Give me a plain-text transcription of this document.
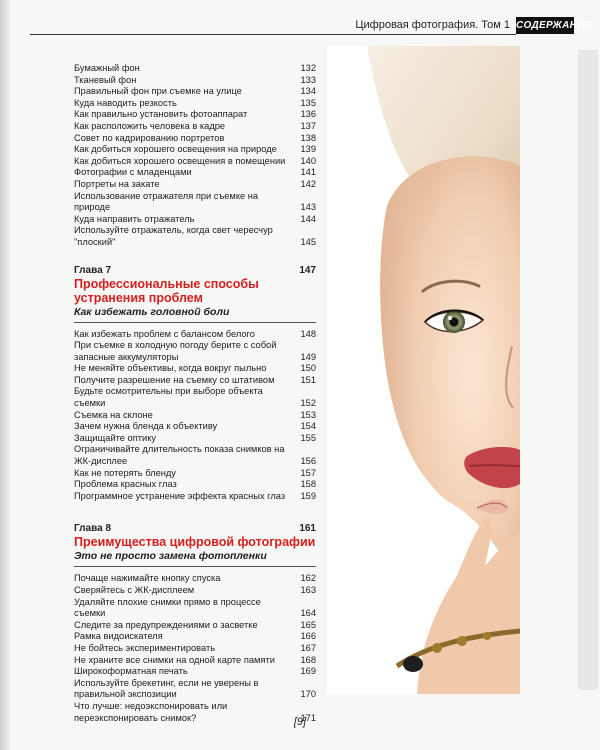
Цифровая фотография. Том 1 СОДЕРЖАНИЕ
Бумажный фон	132
Тканевый фон	133
Правильный фон при съемке на улице	134
Куда наводить резкость	135
Как правильно установить фотоаппарат	136
Как расположить человека в кадре	137
Совет по кадрированию портретов	138
Как добиться хорошего освещения на природе	139
Как добиться хорошего освещения в помещении	140
Фотографии с младенцами	141
Портреты на закате	142
Использование отражателя при съемке на природе	143
Куда направить отражатель	144
Используйте отражатель, когда свет чересчур "плоский"	145
Глава 7	147
Профессиональные способы устранения проблем
Как избежать головной боли
Как избежать проблем с балансом белого	148
При съемке в холодную погоду берите с собой запасные аккумуляторы	149
Не меняйте объективы, когда вокруг пыльно	150
Получите разрешение на съемку со штативом	151
Будьте осмотрительны при выборе объекта съемки	152
Съемка на склоне	153
Зачем нужна бленда к объективу	154
Защищайте оптику	155
Ограничивайте длительность показа снимков на ЖК-дисплее	156
Как не потерять бленду	157
Проблема красных глаз	158
Программное устранение эффекта красных глаз	159
Глава 8	161
Преимущества цифровой фотографии
Это не просто замена фотопленки
Почаще нажимайте кнопку спуска	162
Сверяйтесь с ЖК-дисплеем	163
Удаляйте плохие снимки прямо в процессе съемки	164
Следите за предупреждениями о засветке	165
Рамка видоискателя	166
Не бойтесь экспериментировать	167
Не храните все снимки на одной карте памяти	168
Широкоформатная печать	169
Используйте брекетинг, если не уверены в правильной экспозиции	170
Что лучше: недоэкспонировать или переэкспонировать снимок?	171
[9]
